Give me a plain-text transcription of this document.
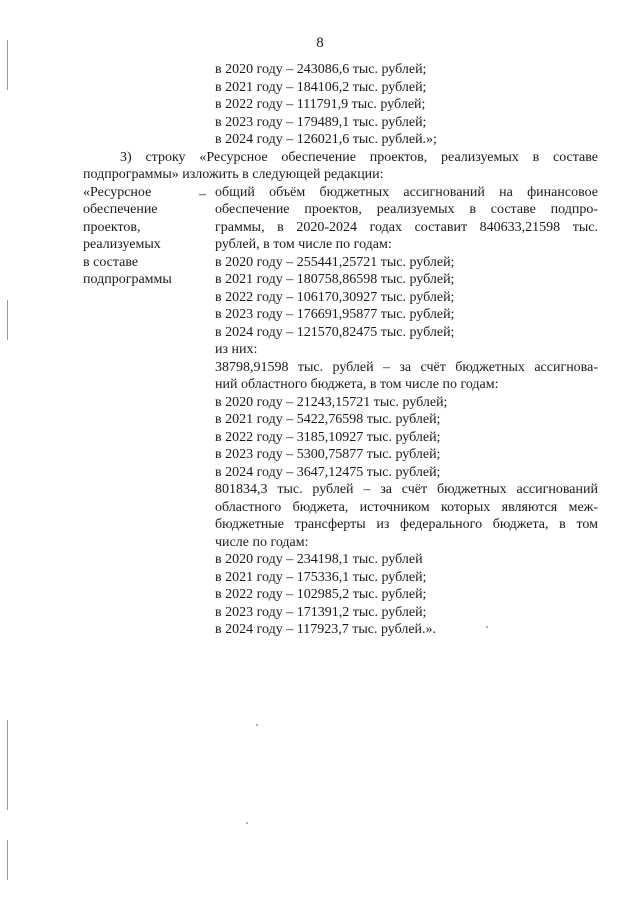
8
в 2020 году – 243086,6 тыс. рублей;
в 2021 году – 184106,2 тыс. рублей;
в 2022 году – 111791,9 тыс. рублей;
в 2023 году – 179489,1 тыс. рублей;
в 2024 году – 126021,6 тыс. рублей.»;
3) строку «Ресурсное обеспечение проектов, реализуемых в составе
подпрограммы» изложить в следующей редакции:
«Ресурсное
обеспечение
проектов,
реализуемых
в составе
подпрограммы
– общий объём бюджетных ассигнований на финансовое
обеспечение проектов, реализуемых в составе подпро-
граммы, в 2020-2024 годах составит 840633,21598 тыс.
рублей, в том числе по годам:
в 2020 году – 255441,25721 тыс. рублей;
в 2021 году – 180758,86598 тыс. рублей;
в 2022 году – 106170,30927 тыс. рублей;
в 2023 году – 176691,95877 тыс. рублей;
в 2024 году – 121570,82475 тыс. рублей;
из них:
38798,91598 тыс. рублей – за счёт бюджетных ассигнова-
ний областного бюджета, в том числе по годам:
в 2020 году – 21243,15721 тыс. рублей;
в 2021 году – 5422,76598 тыс. рублей;
в 2022 году – 3185,10927 тыс. рублей;
в 2023 году – 5300,75877 тыс. рублей;
в 2024 году – 3647,12475 тыс. рублей;
801834,3 тыс. рублей – за счёт бюджетных ассигнований
областного бюджета, источником которых являются меж-
бюджетные трансферты из федерального бюджета, в том
числе по годам:
в 2020 году – 234198,1 тыс. рублей
в 2021 году – 175336,1 тыс. рублей;
в 2022 году – 102985,2 тыс. рублей;
в 2023 году – 171391,2 тыс. рублей;
в 2024 году – 117923,7 тыс. рублей.».
